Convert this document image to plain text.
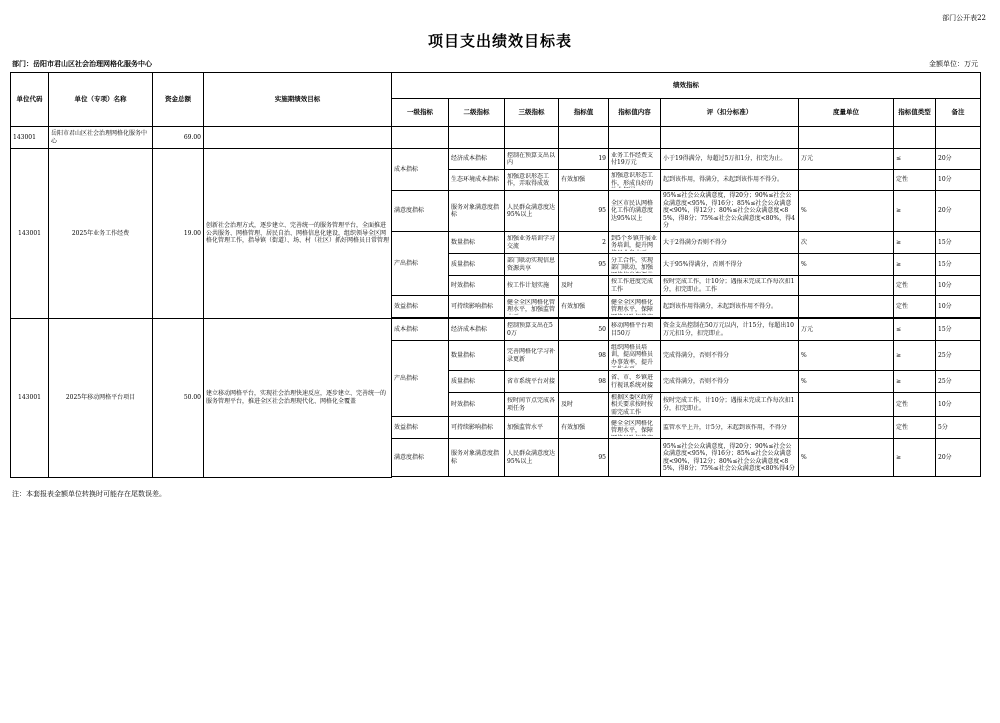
部门公开表22
项目支出绩效目标表
部门：岳阳市君山区社会治理网格化服务中心	金额单位：万元
单位代码	单位（专项）名称	资金总额	实施期绩效目标	绩效指标								
				一级指标	二级指标	三级指标	指标值	指标值内容	评（扣分标准）	度量单位	指标值类型	备注
143001	岳阳市君山区社会治理网格化服务中心	69.00										
143001	2025年业务工作经费	19.00	创新社会治理方式，逐步建立、完善统一的服务管理平台，全面推进公共服务、网格管理、居民自治、网格信息化建设，组织领导全区网格化管理工作，指导镇（街道）、场、村（社区）抓好网格员日常管理	成本指标	经济成本指标	控制在预算支出以内	19	业务工作经费支付19万元	小于19得满分，每超过5万扣1分，扣完为止。	万元	≤	20分
					生态环境成本指标	加强意识形态工作，弄取得成效	有效加强	加强意识形态工作，形成良好的	起到该作用，得满分，未起到该作用不得分。		定性	10分
				满意度指标	服务对象满意度指标	人民群众满意度达95%以上	95	全区市民认网格化工作的满意度达95%以上	95%≤社会公众满意度，得20分；90%≤社会公众满意度<95%，得16分；85%≤社会公众满意度<90%，得12分；80%≤社会公众满意度<85%，得8分；75%≤社会公众满意度<80%，得4分	%	≥	20分
				产出指标	数量指标	加强业务培训学习交流	2	到5个乡镇开展业务培训，提升网	大于2得满分否则不得分	次	≥	15分
					质量指标	部门联动实现信息资源共享	95	分工合作，实现部门联动，加强	大于95%得满分，否则不得分	%	≥	15分
					时效指标	按工作计划实施	及时	按工作进度完成工作	按时完成工作，计10分；遇报未完成工作每次扣1分，扣完即止。工作		定性	10分
				效益指标	可持续影响指标	健全全区网格化管理水平，加强监管	有效加强	健全全区网格化管理水平，保障	起到该作用得满分，未起到该作用不得分。		定性	10分

143001	2025年移动网格平台项目	50.00	建立移动网格平台，实现社会治理快速反应，逐步建立、完善统一的服务管理平台，推进全区社会治理现代化、网格化全覆盖	成本指标	经济成本指标	控制预算支出在50万	50	移动网格平台项目50万	资金支出控制在50万元以内，计15分，每超出10万元扣1分，扣完即止。	万元	≤	15分
				产出指标	数量指标	完善网格化学习补录更新	98	组织网格员培训，提高网格员办事效率，提升	完成得满分，否则不得分	%	≥	25分
					质量指标	省市系统平台对接	98	省、市、乡镇进行视讯系统对接	完成得满分，否则不得分	%	≥	25分
					时效指标	按时间节点完成各项任务	及时	根据区委区政府相关要求按时按需完成工作	按时完成工作，计10分；遇报未完成工作每次扣1分，扣完即止。		定性	10分
				效益指标	可持续影响指标	加强监管水平	有效加强	健全全区网格化管理水平，保障	监管水平上升，计5分，未起到该作用，不得分		定性	5分
				满意度指标	服务对象满意度指标	人民群众满意度达95%以上	95		95%≤社会公众满意度，得20分；90%≤社会公众满意度<95%，得16分；85%≤社会公众满意度<90%，得12分；80%≤社会公众满意度<85%，得8分；75%≤社会公众满意度<80%得4分	%	≥	20分

注：本套报表金额单位转换时可能存在尾数误差。
